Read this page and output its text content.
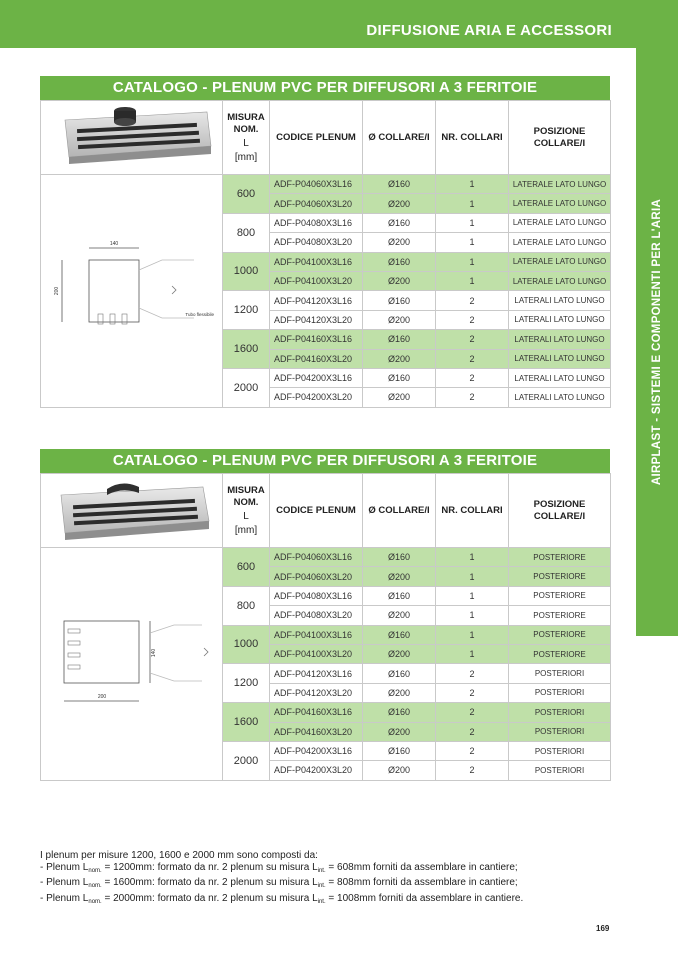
DIFFUSIONE ARIA E ACCESSORI
AIRPLAST - SISTEMI E COMPONENTI PER L'ARIA
CATALOGO - PLENUM PVC PER DIFFUSORI A 3 FERITOIE
	MISURA NOM.
L
[mm]	CODICE PLENUM	Ø COLLARE/I	NR. COLLARI	POSIZIONE COLLARE/I

140
200
Tubo flessibile	600	ADF-P04060X3L16	Ø160	1	LATERALE LATO LUNGO
		ADF-P04060X3L20	Ø200	1	LATERALE LATO LUNGO
	800	ADF-P04080X3L16	Ø160	1	LATERALE LATO LUNGO
		ADF-P04080X3L20	Ø200	1	LATERALE LATO LUNGO
	1000	ADF-P04100X3L16	Ø160	1	LATERALE LATO LUNGO
		ADF-P04100X3L20	Ø200	1	LATERALE LATO LUNGO
	1200	ADF-P04120X3L16	Ø160	2	LATERALI LATO LUNGO
		ADF-P04120X3L20	Ø200	2	LATERALI LATO LUNGO
	1600	ADF-P04160X3L16	Ø160	2	LATERALI LATO LUNGO
		ADF-P04160X3L20	Ø200	2	LATERALI LATO LUNGO
	2000	ADF-P04200X3L16	Ø160	2	LATERALI LATO LUNGO
		ADF-P04200X3L20	Ø200	2	LATERALI LATO LUNGO
CATALOGO - PLENUM PVC PER DIFFUSORI A 3 FERITOIE
	MISURA NOM.
L
[mm]	CODICE PLENUM	Ø COLLARE/I	NR. COLLARI	POSIZIONE COLLARE/I

140
200	600	ADF-P04060X3L16	Ø160	1	POSTERIORE
		ADF-P04060X3L20	Ø200	1	POSTERIORE
	800	ADF-P04080X3L16	Ø160	1	POSTERIORE
		ADF-P04080X3L20	Ø200	1	POSTERIORE
	1000	ADF-P04100X3L16	Ø160	1	POSTERIORE
		ADF-P04100X3L20	Ø200	1	POSTERIORE
	1200	ADF-P04120X3L16	Ø160	2	POSTERIORI
		ADF-P04120X3L20	Ø200	2	POSTERIORI
	1600	ADF-P04160X3L16	Ø160	2	POSTERIORI
		ADF-P04160X3L20	Ø200	2	POSTERIORI
	2000	ADF-P04200X3L16	Ø160	2	POSTERIORI
		ADF-P04200X3L20	Ø200	2	POSTERIORI
I plenum per misure 1200, 1600 e 2000 mm sono composti da:
- Plenum $L_{nom.} = 1200mm$: formato da nr. 2 plenum su misura $L_{int.} = 608mm$ forniti da assemblare in cantiere;
- Plenum $L_{nom.} = 1600mm$: formato da nr. 2 plenum su misura $L_{int.} = 808mm$ forniti da assemblare in cantiere;
- Plenum $L_{nom.} = 2000mm$: formato da nr. 2 plenum su misura $L_{int.} = 1008mm$ forniti da assemblare in cantiere.
169
